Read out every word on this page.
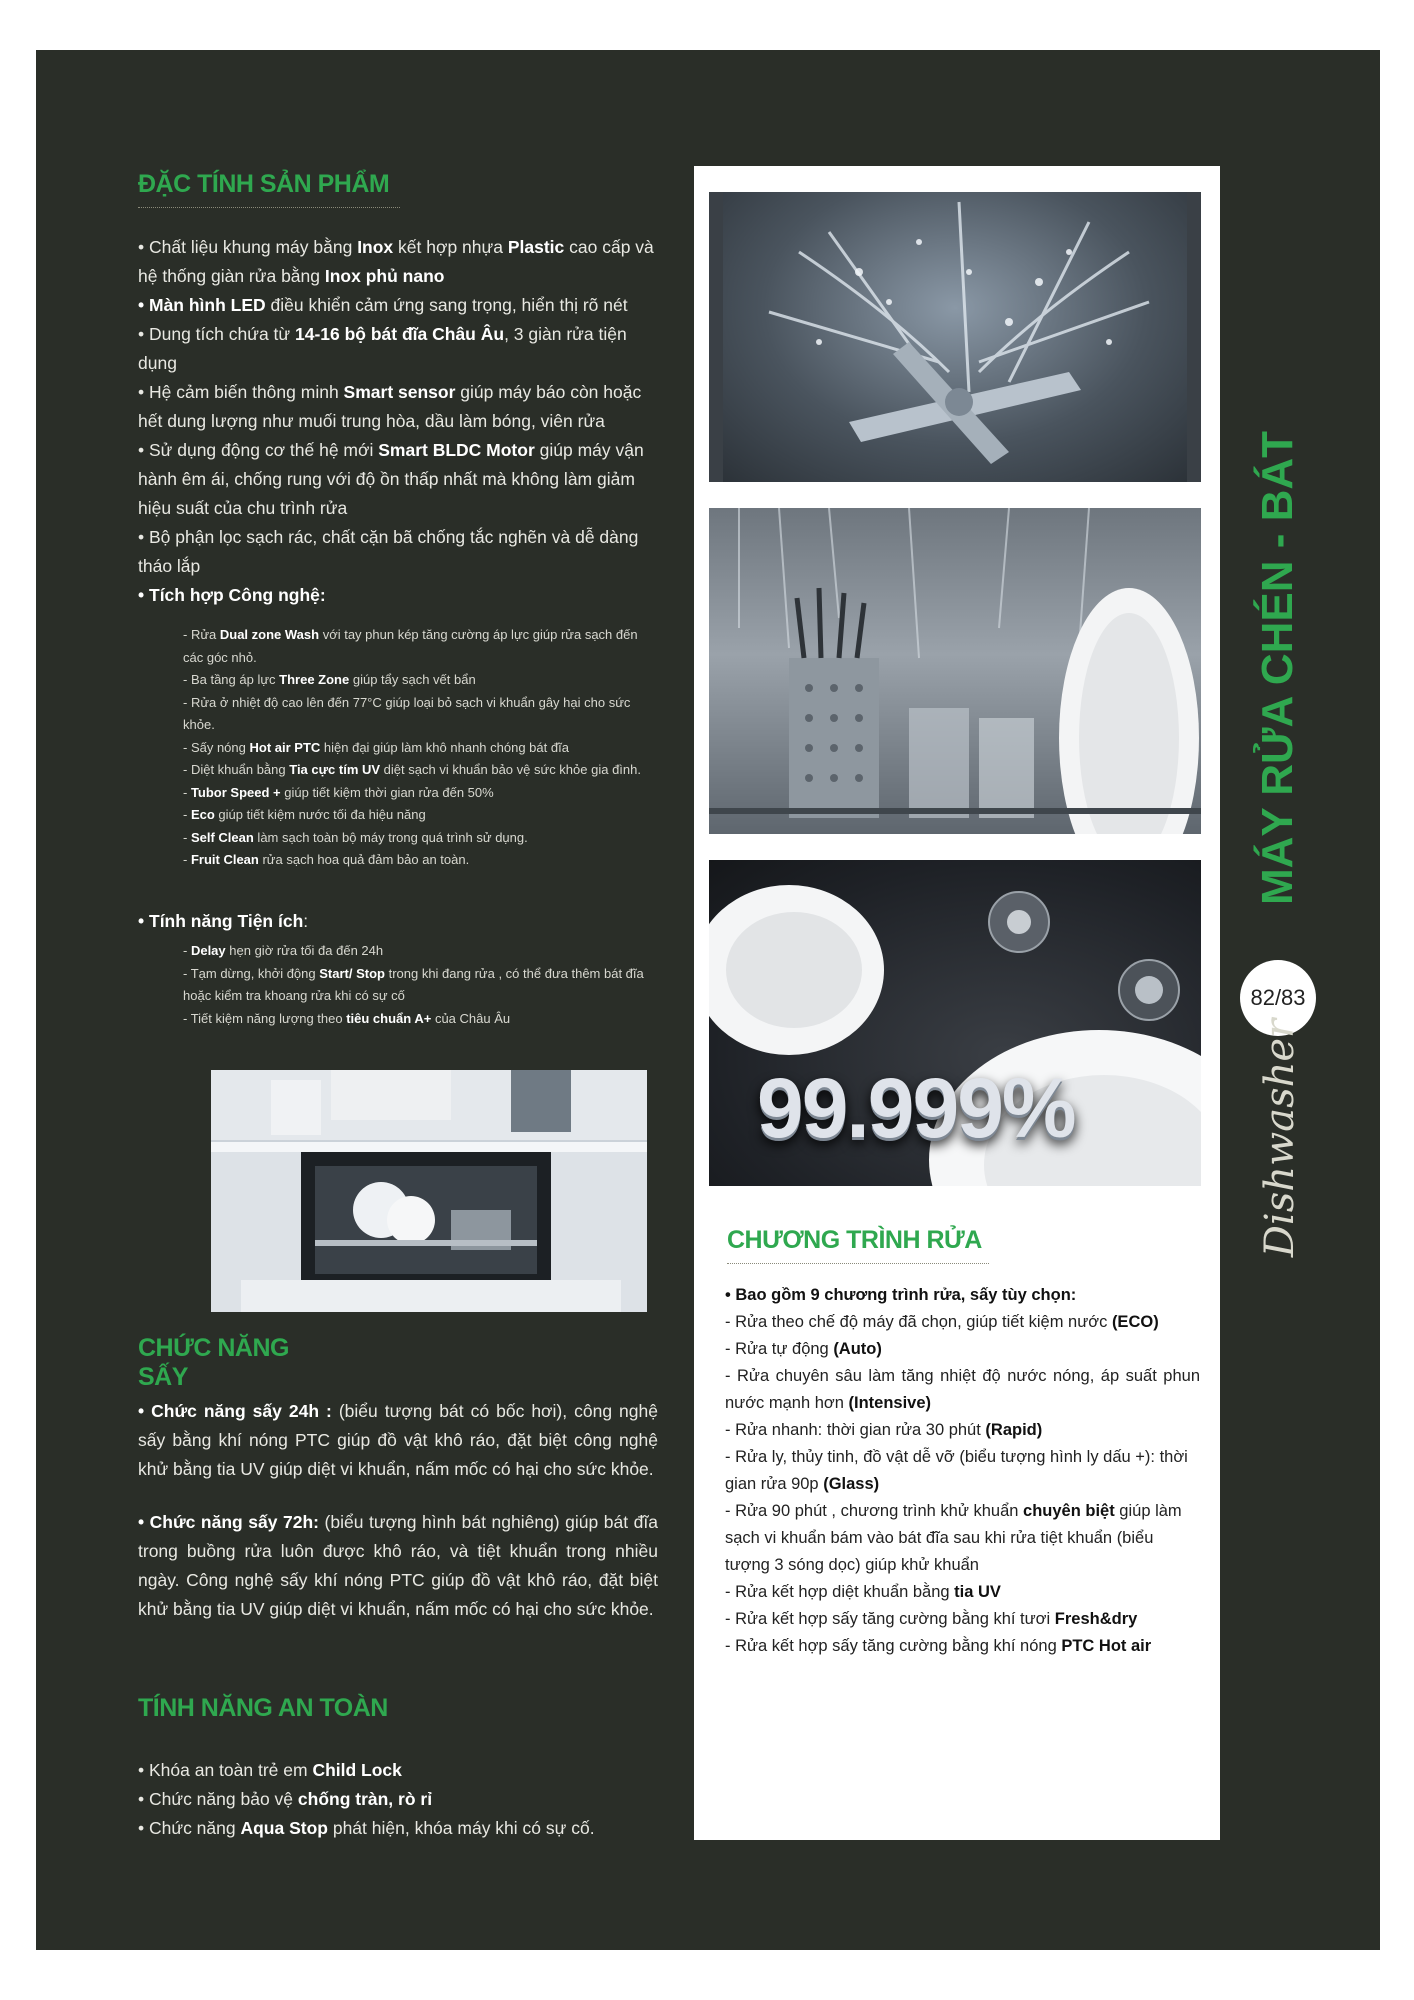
ĐẶC TÍNH SẢN PHẨM

• Chất liệu khung máy bằng Inox kết hợp nhựa Plastic cao cấp và hệ thống giàn rửa bằng Inox phủ nano

• Màn hình LED điều khiển cảm ứng sang trọng, hiển thị rõ nét

• Dung tích chứa từ 14-16 bộ bát đĩa Châu Âu, 3 giàn rửa tiện dụng

• Hệ cảm biến thông minh Smart sensor giúp máy báo còn hoặc hết dung lượng như muối trung hòa, dầu làm bóng, viên rửa

• Sử dụng động cơ thế hệ mới Smart BLDC Motor giúp máy vận hành êm ái, chống rung với độ ồn thấp nhất mà không làm giảm hiệu suất của chu trình rửa

• Bộ phận lọc sạch rác, chất cặn bã chống tắc nghẽn và dễ dàng tháo lắp

• Tích hợp Công nghệ:

- Rửa Dual zone Wash với tay phun kép tăng cường áp lực giúp rửa sạch đến các góc nhỏ.

- Ba tầng áp lực Three Zone giúp tẩy sạch vết bẩn

- Rửa ở nhiệt độ cao lên đến 77°C giúp loại bỏ sạch vi khuẩn gây hại cho sức khỏe.

- Sấy nóng Hot air PTC hiện đại giúp làm khô nhanh chóng bát đĩa

- Diệt khuẩn bằng Tia cực tím UV diệt sạch vi khuẩn bảo vệ sức khỏe gia đình.

- Tubor Speed + giúp tiết kiệm thời gian rửa đến 50%

- Eco giúp tiết kiệm nước tối đa hiệu năng

- Self Clean làm sạch toàn bộ máy trong quá trình sử dụng.

- Fruit Clean rửa sạch hoa quả đảm bảo an toàn.

• Tính năng Tiện ích:

- Delay hẹn giờ rửa tối đa đến 24h

- Tạm dừng, khởi động Start/ Stop trong khi đang rửa , có thể đưa thêm bát đĩa hoặc kiểm tra khoang rửa khi có sự cố

- Tiết kiệm năng lượng theo tiêu chuẩn A+ của Châu Âu

CHỨC NĂNG SẤY

• Chức năng sấy 24h : (biểu tượng bát có bốc hơi), công nghệ sấy bằng khí nóng PTC giúp đồ vật khô ráo, đặt biệt công nghệ khử bằng tia UV giúp diệt vi khuẩn, nấm mốc có hại cho sức khỏe.

• Chức năng sấy 72h: (biểu tượng hình bát nghiêng) giúp bát đĩa trong buồng rửa luôn được khô ráo, và tiệt khuẩn trong nhiều ngày. Công nghệ sấy khí nóng PTC giúp đồ vật khô ráo, đặt biệt khử bằng tia UV giúp diệt vi khuẩn, nấm mốc có hại cho sức khỏe.

TÍNH NĂNG AN TOÀN

• Khóa an toàn trẻ em Child Lock

• Chức năng bảo vệ chống tràn, rò rỉ

• Chức năng Aqua Stop phát hiện, khóa máy khi có sự cố.

99.999%
CHƯƠNG TRÌNH RỬA

• Bao gồm 9 chương trình rửa, sấy tùy chọn:

- Rửa theo chế độ máy đã chọn, giúp tiết kiệm nước (ECO)

- Rửa tự động (Auto)

- Rửa chuyên sâu làm tăng nhiệt độ nước nóng, áp suất phun nước mạnh hơn (Intensive)

- Rửa nhanh: thời gian rửa 30 phút (Rapid)

- Rửa ly, thủy tinh, đồ vật dễ vỡ (biểu tượng hình ly dấu +): thời gian rửa 90p (Glass)

- Rửa 90 phút , chương trình khử khuẩn chuyên biệt giúp làm sạch vi khuẩn bám vào bát đĩa sau khi rửa tiệt khuẩn (biểu tượng 3 sóng dọc) giúp khử khuẩn

- Rửa kết hợp diệt khuẩn bằng tia UV

- Rửa kết hợp sấy tăng cường bằng khí tươi Fresh&dry

- Rửa kết hợp sấy tăng cường bằng khí nóng PTC Hot air

MÁY RỬA CHÉN - BÁT
82/83
Dishwasher
